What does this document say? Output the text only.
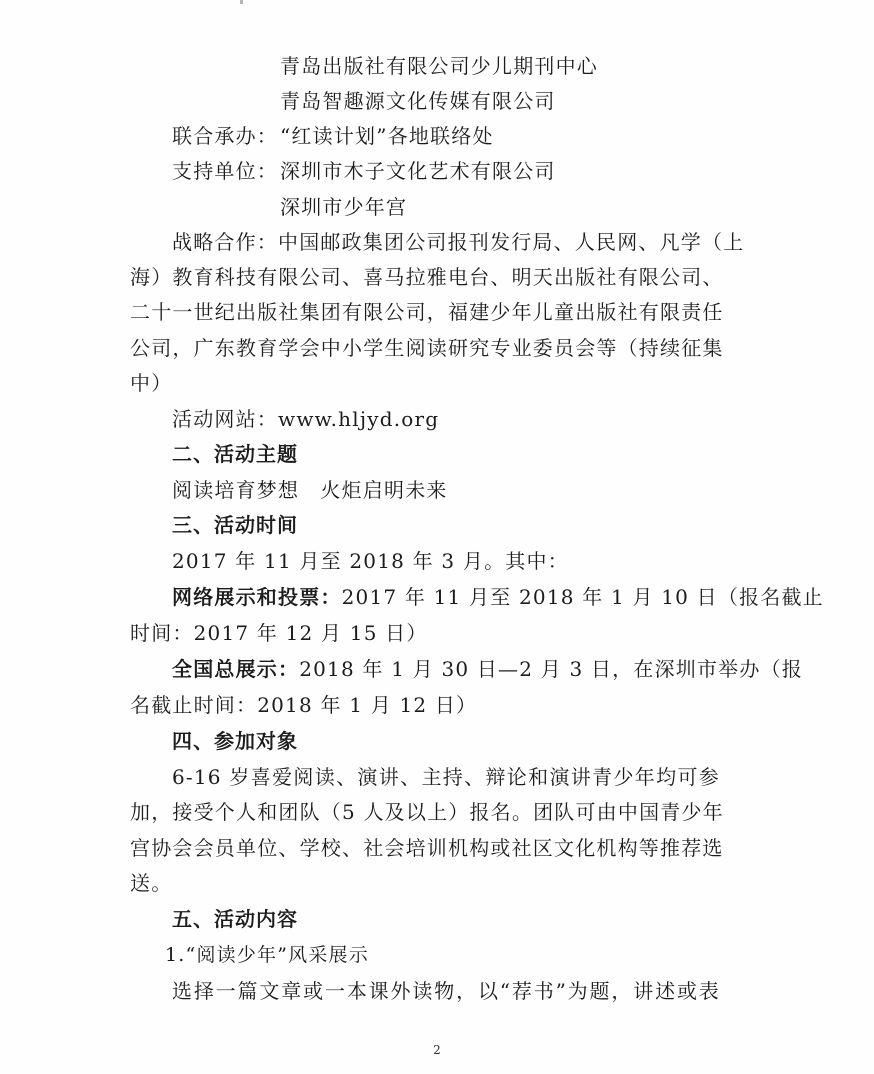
青岛出版社有限公司少儿期刊中心
青岛智趣源文化传媒有限公司
联合承办： “红读计划”各地联络处
支持单位： 深圳市木子文化艺术有限公司
深圳市少年宫
战略合作：中国邮政集团公司报刊发行局、人民网、凡学（上
海）教育科技有限公司、喜马拉雅电台、明天出版社有限公司、
二十一世纪出版社集团有限公司，福建少年儿童出版社有限责任
公司，广东教育学会中小学生阅读研究专业委员会等（持续征集
中）
活动网站：www.hljyd.org
二、活动主题
阅读培育梦想　火炬启明未来
三、活动时间
2017 年 11 月至 2018 年 3 月。其中：
网络展示和投票：2017 年 11 月至 2018 年 1 月 10 日（报名截止
时间：2017 年 12 月 15 日）
全国总展示：2018 年 1 月 30 日—2 月 3 日，在深圳市举办（报
名截止时间：2018 年 1 月 12 日）
四、参加对象
6-16 岁喜爱阅读、演讲、主持、辩论和演讲青少年均可参
加，接受个人和团队（5 人及以上）报名。团队可由中国青少年
宫协会会员单位、学校、社会培训机构或社区文化机构等推荐选
送。
五、活动内容
1.“阅读少年”风采展示
选择一篇文章或一本课外读物，以“荐书”为题，讲述或表
2
